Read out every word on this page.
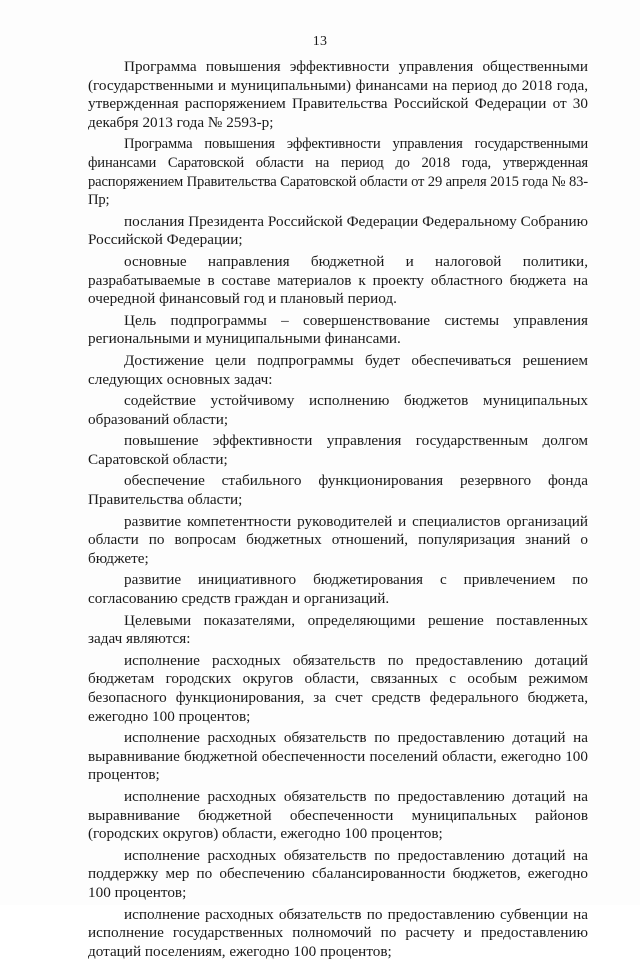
13

Программа повышения эффективности управления общественными (государственными и муниципальными) финансами на период до 2018 года, утвержденная распоряжением Правительства Российской Федерации от 30 декабря 2013 года № 2593-р;

Программа повышения эффективности управления государственными финансами Саратовской области на период до 2018 года, утвержденная распоряжением Правительства Саратовской области от 29 апреля 2015 года № 83-Пр;

послания Президента Российской Федерации Федеральному Собранию Российской Федерации;

основные направления бюджетной и налоговой политики, разрабатываемые в составе материалов к проекту областного бюджета на очередной финансовый год и плановый период.

Цель подпрограммы – совершенствование системы управления региональными и муниципальными финансами.

Достижение цели подпрограммы будет обеспечиваться решением следующих основных задач:

содействие устойчивому исполнению бюджетов муниципальных образований области;

повышение эффективности управления государственным долгом Саратовской области;

обеспечение стабильного функционирования резервного фонда Правительства области;

развитие компетентности руководителей и специалистов организаций области по вопросам бюджетных отношений, популяризация знаний о бюджете;

развитие инициативного бюджетирования с привлечением по согласованию средств граждан и организаций.

Целевыми показателями, определяющими решение поставленных задач являются:

исполнение расходных обязательств по предоставлению дотаций бюджетам городских округов области, связанных с особым режимом безопасного функционирования, за счет средств федерального бюджета, ежегодно 100 процентов;

исполнение расходных обязательств по предоставлению дотаций на выравнивание бюджетной обеспеченности поселений области, ежегодно 100 процентов;

исполнение расходных обязательств по предоставлению дотаций на выравнивание бюджетной обеспеченности муниципальных районов (городских округов) области, ежегодно 100 процентов;

исполнение расходных обязательств по предоставлению дотаций на поддержку мер по обеспечению сбалансированности бюджетов, ежегодно 100 процентов;

исполнение расходных обязательств по предоставлению субвенции на исполнение государственных полномочий по расчету и предоставлению дотаций поселениям, ежегодно 100 процентов;
